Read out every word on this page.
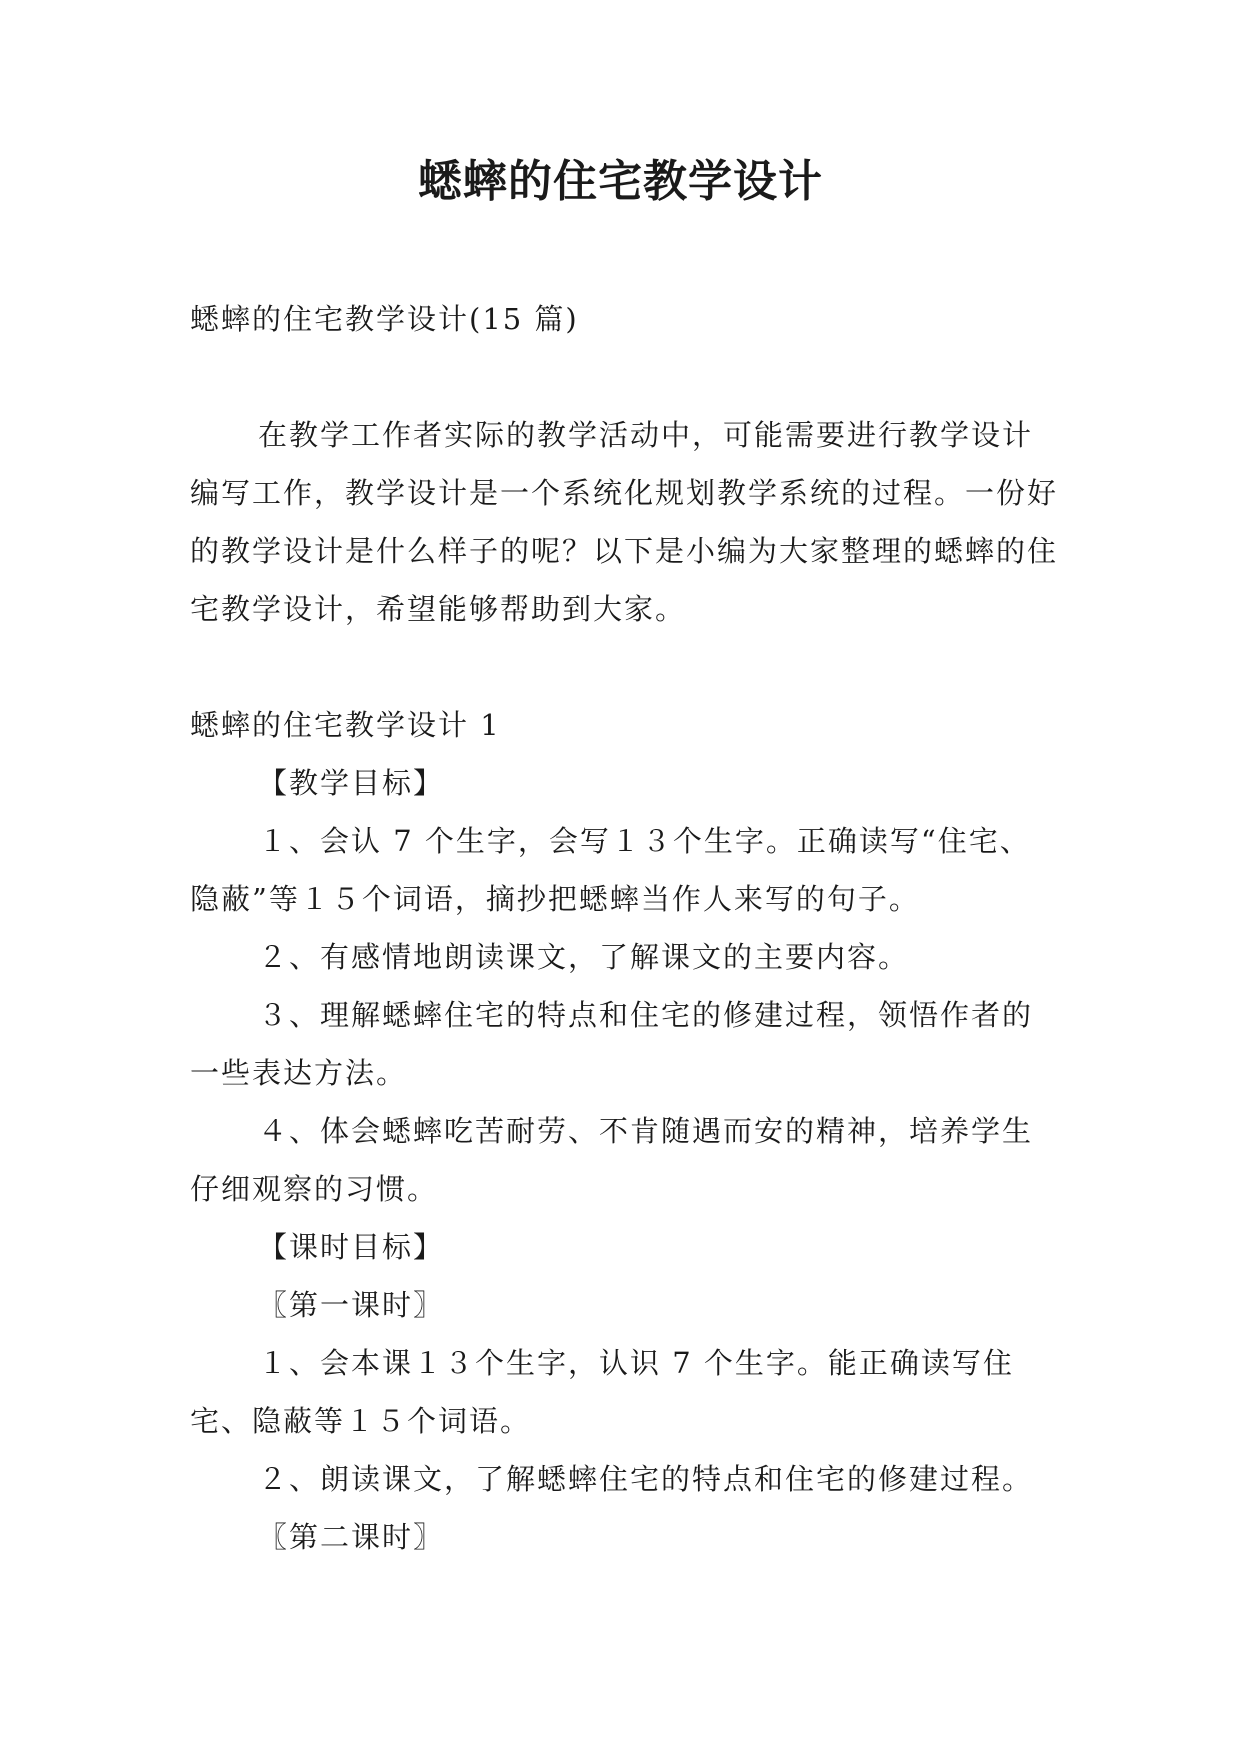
蟋蟀的住宅教学设计

蟋蟀的住宅教学设计(15 篇)

在教学工作者实际的教学活动中，可能需要进行教学设计编写工作，教学设计是一个系统化规划教学系统的过程。一份好的教学设计是什么样子的呢？以下是小编为大家整理的蟋蟀的住宅教学设计，希望能够帮助到大家。

蟋蟀的住宅教学设计 1

【教学目标】

１、会认 7 个生字，会写１３个生字。正确读写“住宅、隐蔽”等１５个词语，摘抄把蟋蟀当作人来写的句子。

２、有感情地朗读课文，了解课文的主要内容。

３、理解蟋蟀住宅的特点和住宅的修建过程，领悟作者的一些表达方法。

４、体会蟋蟀吃苦耐劳、不肯随遇而安的精神，培养学生仔细观察的习惯。

【课时目标】

〖第一课时〗

１、会本课１３个生字，认识 7 个生字。能正确读写住宅、隐蔽等１５个词语。

２、朗读课文，了解蟋蟀住宅的特点和住宅的修建过程。

〖第二课时〗
